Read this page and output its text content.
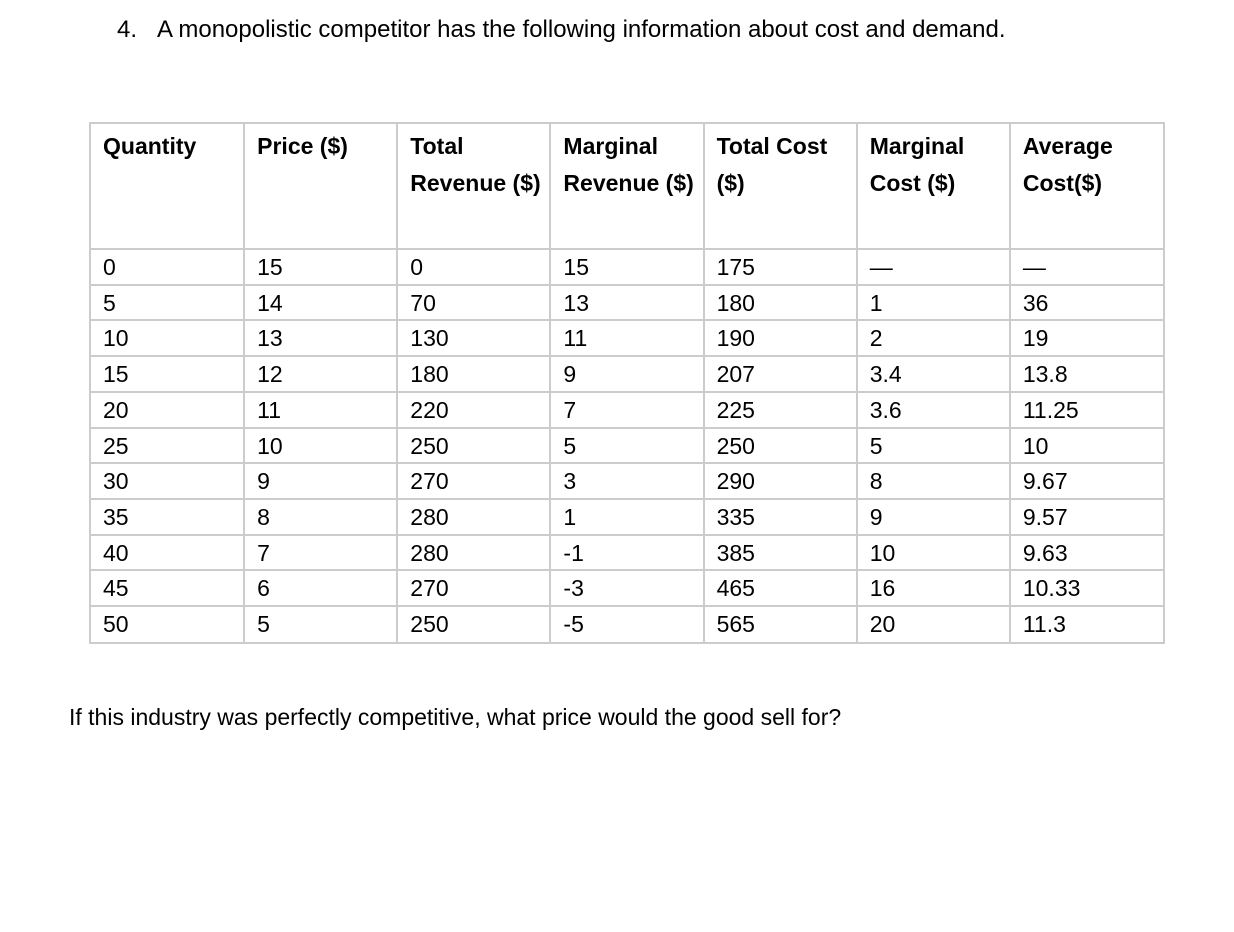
4. A monopolistic competitor has the following information about cost and demand.
Quantity	Price ($)	Total Revenue ($)	Marginal Revenue ($)	Total Cost ($)	Marginal Cost ($)	Average Cost($)
0	15	0	15	175	—	—
5	14	70	13	180	1	36
10	13	130	11	190	2	19
15	12	180	9	207	3.4	13.8
20	11	220	7	225	3.6	11.25
25	10	250	5	250	5	10
30	9	270	3	290	8	9.67
35	8	280	1	335	9	9.57
40	7	280	-1	385	10	9.63
45	6	270	-3	465	16	10.33
50	5	250	-5	565	20	11.3
If this industry was perfectly competitive, what price would the good sell for?
